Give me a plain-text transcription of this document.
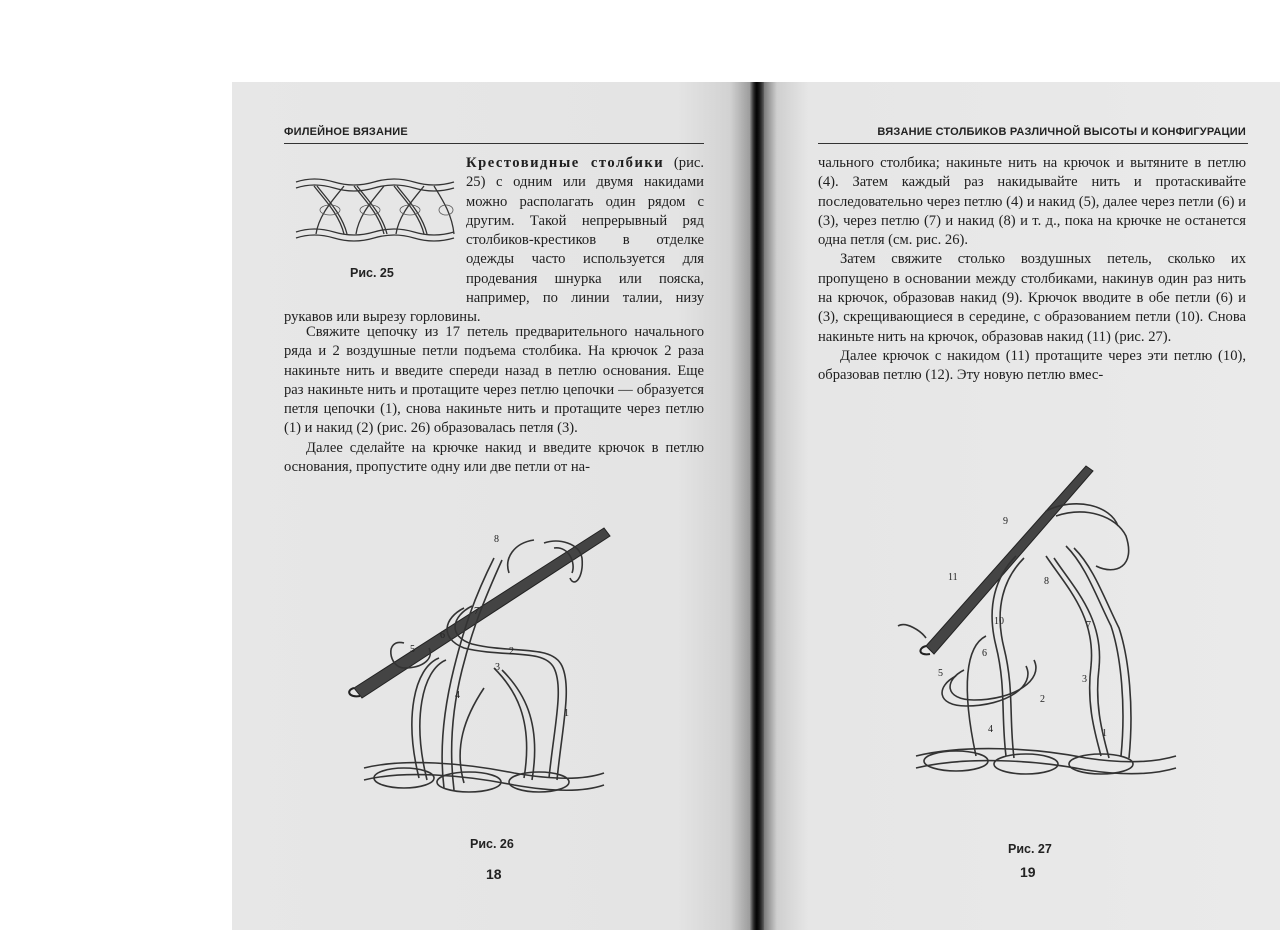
ФИЛЕЙНОЕ ВЯЗАНИЕ
Рис. 25
Крестовидные столбики (рис. 25) с одним или двумя накидами можно располагать один рядом с другим. Такой непрерывный ряд столбиков-крестиков в отделке одежды часто используется для продевания шнурка или пояска, например, по линии талии, низу рукавов или вырезу горловины.

Свяжите цепочку из 17 петель предварительного начального ряда и 2 воздушные петли подъема столбика. На крючок 2 раза накиньте нить и введите спереди назад в петлю основания. Еще раз накиньте нить и протащите через петлю цепочки — образуется петля цепочки (1), снова накиньте нить и протащите через петлю (1) и накид (2) (рис. 26) образовалась петля (3).

Далее сделайте на крючке накид и введите крючок в петлю основания, пропустите одну или две петли от на-

8
7
6
5	2
3
4
1
Рис. 26
18
ВЯЗАНИЕ СТОЛБИКОВ РАЗЛИЧНОЙ ВЫСОТЫ И КОНФИГУРАЦИИ

чального столбика; накиньте нить на крючок и вытяните в петлю (4). Затем каждый раз накидывайте нить и протаскивайте последовательно через петлю (4) и накид (5), далее через петли (6) и (3), через петлю (7) и накид (8) и т. д., пока на крючке не останется одна петля (см. рис. 26).

Затем свяжите столько воздушных петель, сколько их пропущено в основании между столбиками, накинув один раз нить на крючок, образовав накид (9). Крючок вводите в обе петли (6) и (3), скрещивающиеся в середине, с образованием петли (10). Снова накиньте нить на крючок, образовав накид (11) (рис. 27).

Далее крючок с накидом (11) протащите через эти петлю (10), образовав петлю (12). Эту новую петлю вмес-

9
11
10
8
7
6
5
3
2
4	1
Рис. 27
19
